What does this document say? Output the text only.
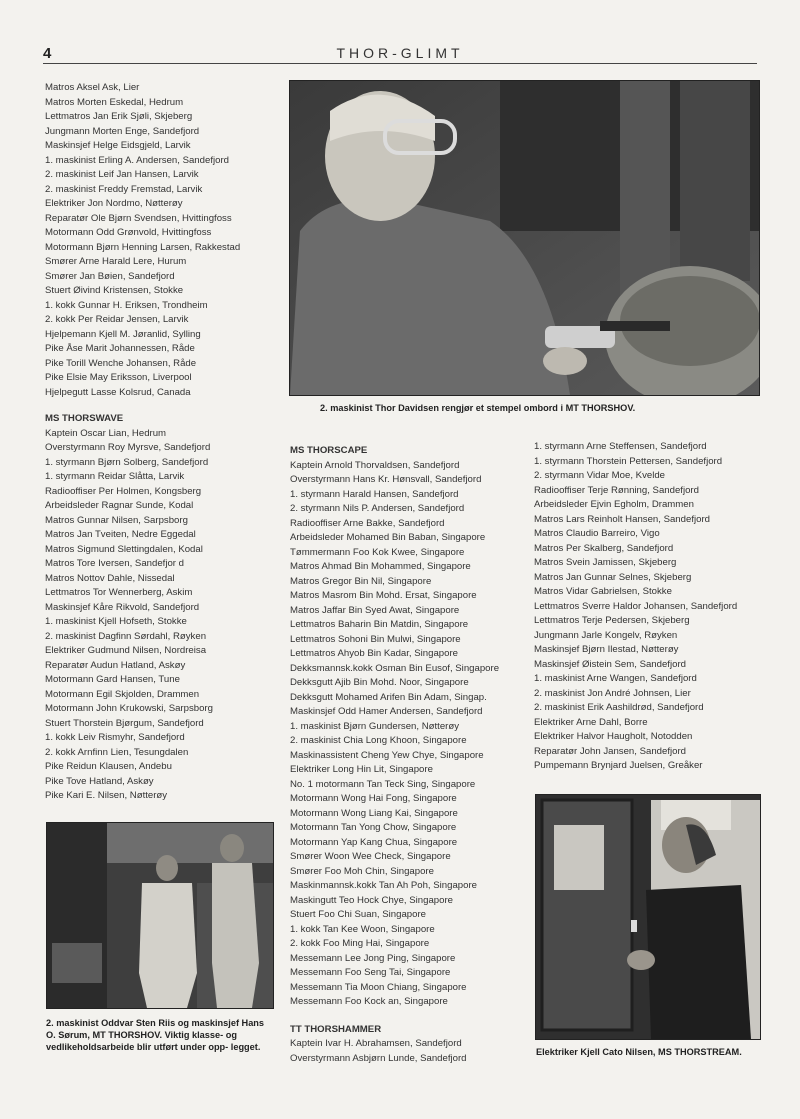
4	THOR-GLIMT
Matros Aksel Ask, Lier
Matros Morten Eskedal, Hedrum
Lettmatros Jan Erik Sjøli, Skjeberg
Jungmann Morten Enge, Sandefjord
Maskinsjef Helge Eidsgjeld, Larvik
1. maskinist Erling A. Andersen, Sandefjord
2. maskinist Leif Jan Hansen, Larvik
2. maskinist Freddy Fremstad, Larvik
Elektriker Jon Nordmo, Nøtterøy
Reparatør Ole Bjørn Svendsen, Hvittingfoss
Motormann Odd Grønvold, Hvittingfoss
Motormann Bjørn Henning Larsen, Rakkestad
Smører Arne Harald Lere, Hurum
Smører Jan Bøien, Sandefjord
Stuert Øivind Kristensen, Stokke
1. kokk Gunnar H. Eriksen, Trondheim
2. kokk Per Reidar Jensen, Larvik
Hjelpemann Kjell M. Jøranlid, Sylling
Pike Åse Marit Johannessen, Råde
Pike Torill Wenche Johansen, Råde
Pike Elsie May Eriksson, Liverpool
Hjelpegutt Lasse Kolsrud, Canada
MS THORSWAVE
Kaptein Oscar Lian, Hedrum
Overstyrmann Roy Myrsve, Sandefjord
1. styrmann Bjørn Solberg, Sandefjord
1. styrmann Reidar Slåtta, Larvik
Radiooffiser Per Holmen, Kongsberg
Arbeidsleder Ragnar Sunde, Kodal
Matros Gunnar Nilsen, Sarpsborg
Matros Jan Tveiten, Nedre Eggedal
Matros Sigmund Slettingdalen, Kodal
Matros Tore Iversen, Sandefjor d
Matros Nottov Dahle, Nissedal
Lettmatros Tor Wennerberg, Askim
Maskinsjef Kåre Rikvold, Sandefjord
1. maskinist Kjell Hofseth, Stokke
2. maskinist Dagfinn Sørdahl, Røyken
Elektriker Gudmund Nilsen, Nordreisa
Reparatør Audun Hatland, Askøy
Motormann Gard Hansen, Tune
Motormann Egil Skjolden, Drammen
Motormann John Krukowski, Sarpsborg
Stuert Thorstein Bjørgum, Sandefjord
1. kokk Leiv Rismyhr, Sandefjord
2. kokk Arnfinn Lien, Tesungdalen
Pike Reidun Klausen, Andebu
Pike Tove Hatland, Askøy
Pike Kari E. Nilsen, Nøtterøy
2. maskinist Thor Davidsen rengjør et stempel ombord i MT THORSHOV.
MS THORSCAPE
Kaptein Arnold Thorvaldsen, Sandefjord
Overstyrmann Hans Kr. Hønsvall, Sandefjord
1. styrmann Harald Hansen, Sandefjord
2. styrmann Nils P. Andersen, Sandefjord
Radiooffiser Arne Bakke, Sandefjord
Arbeidsleder Mohamed Bin Baban, Singapore
Tømmermann Foo Kok Kwee, Singapore
Matros Ahmad Bin Mohammed, Singapore
Matros Gregor Bin Nil, Singapore
Matros Masrom Bin Mohd. Ersat, Singapore
Matros Jaffar Bin Syed Awat, Singapore
Lettmatros Baharin Bin Matdin, Singapore
Lettmatros Sohoni Bin Mulwi, Singapore
Lettmatros Ahyob Bin Kadar, Singapore
Dekksmannsk.kokk Osman Bin Eusof, Singapore
Dekksgutt Ajib Bin Mohd. Noor, Singapore
Dekksgutt Mohamed Arifen Bin Adam, Singap.
Maskinsjef Odd Hamer Andersen, Sandefjord
1. maskinist Bjørn Gundersen, Nøtterøy
2. maskinist Chia Long Khoon, Singapore
Maskinassistent Cheng Yew Chye, Singapore
Elektriker Long Hin Lit, Singapore
No. 1 motormann Tan Teck Sing, Singapore
Motormann Wong Hai Fong, Singapore
Motormann Wong Liang Kai, Singapore
Motormann Tan Yong Chow, Singapore
Motormann Yap Kang Chua, Singapore
Smører Woon Wee Check, Singapore
Smører Foo Moh Chin, Singapore
Maskinmannsk.kokk Tan Ah Poh, Singapore
Maskingutt Teo Hock Chye, Singapore
Stuert Foo Chi Suan, Singapore
1. kokk Tan Kee Woon, Singapore
2. kokk Foo Ming Hai, Singapore
Messemann Lee Jong Ping, Singapore
Messemann Foo Seng Tai, Singapore
Messemann Tia Moon Chiang, Singapore
Messemann Foo Kock an, Singapore
TT THORSHAMMER
Kaptein Ivar H. Abrahamsen, Sandefjord
Overstyrmann Asbjørn Lunde, Sandefjord
1. styrmann Arne Steffensen, Sandefjord
1. styrmann Thorstein Pettersen, Sandefjord
2. styrmann Vidar Moe, Kvelde
Radiooffiser Terje Rønning, Sandefjord
Arbeidsleder Ejvin Egholm, Drammen
Matros Lars Reinholt Hansen, Sandefjord
Matros Claudio Barreiro, Vigo
Matros Per Skalberg, Sandefjord
Matros Svein Jamissen, Skjeberg
Matros Jan Gunnar Selnes, Skjeberg
Matros Vidar Gabrielsen, Stokke
Lettmatros Sverre Haldor Johansen, Sandefjord
Lettmatros Terje Pedersen, Skjeberg
Jungmann Jarle Kongelv, Røyken
Maskinsjef Bjørn Ilestad, Nøtterøy
Maskinsjef Øistein Sem, Sandefjord
1. maskinist Arne Wangen, Sandefjord
2. maskinist Jon André Johnsen, Lier
2. maskinist Erik Aashildrød, Sandefjord
Elektriker Arne Dahl, Borre
Elektriker Halvor Haugholt, Notodden
Reparatør John Jansen, Sandefjord
Pumpemann Brynjard Juelsen, Greåker
2. maskinist Oddvar Sten Riis og maskinsjef Hans O. Sørum, MT THORSHOV. Viktig klasse- og vedlikeholdsarbeide blir utført under opp- legget.	Elektriker Kjell Cato Nilsen, MS THORSTREAM.
